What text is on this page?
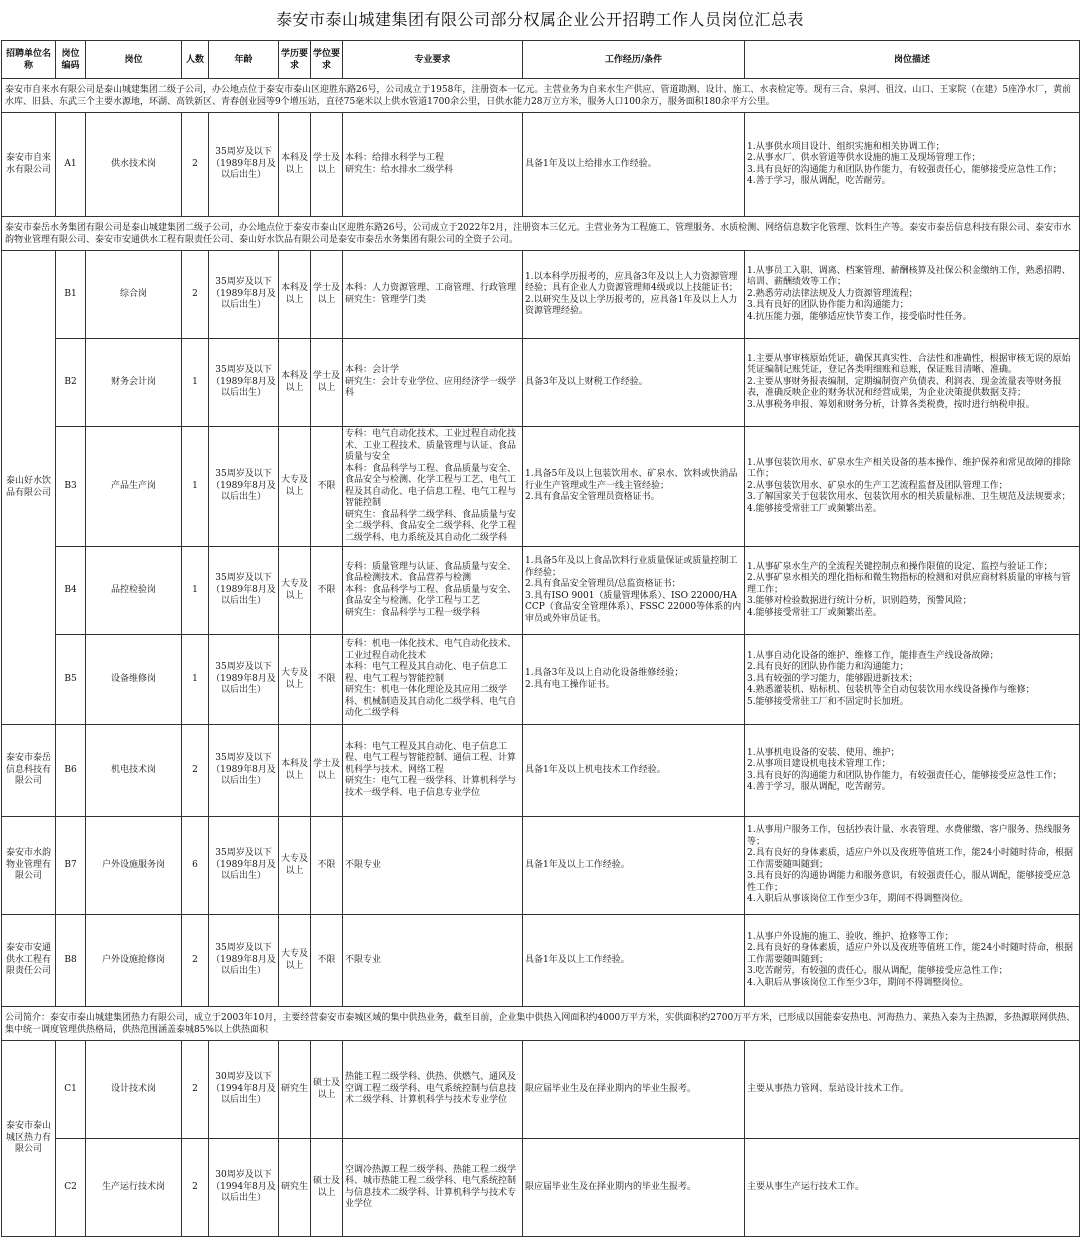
泰安市泰山城建集团有限公司部分权属企业公开招聘工作人员岗位汇总表
招聘单位名称	岗位编码	岗位	人数	年龄	学历要求	学位要求	专业要求	工作经历/条件	岗位描述
泰安市自来水有限公司是泰山城建集团二级子公司，办公地点位于泰安市泰山区迎胜东路26号，公司成立于1958年，注册资本一亿元。主营业务为自来水生产供应、管道勘测、设计、施工、水表检定等。现有三合、泉河、徂汶、山口、王家院（在建）5座净水厂，黄前水库、旧县、东武三个主要水源地，环湖、高铁新区、青春创业园等9个增压站，直径75毫米以上供水管道1700余公里，日供水能力28万立方米，服务人口100余万，服务面积180余平方公里。									
泰安市自来水有限公司	A1	供水技术岗	2	35周岁及以下（1989年8月及以后出生）	本科及以上	学士及以上	本科：给排水科学与工程
研究生：给水排水二级学科	具备1年及以上给排水工作经验。	1.从事供水项目设计、组织实施和相关协调工作；
2.从事水厂、供水管道等供水设施的施工及现场管理工作；
3.具有良好的沟通能力和团队协作能力，有较强责任心，能够接受应急性工作；
4.善于学习，服从调配，吃苦耐劳。
泰安市泰岳水务集团有限公司是泰山城建集团二级子公司，办公地点位于泰安市泰山区迎胜东路26号，公司成立于2022年2月，注册资本三亿元。主营业务为工程施工、管理服务、水质检测、网络信息数字化管理、饮料生产等。泰安市泰岳信息科技有限公司、泰安市水韵物业管理有限公司、泰安市安通供水工程有限责任公司、泰山好水饮品有限公司是泰安市泰岳水务集团有限公司的全资子公司。									
泰山好水饮品有限公司	B1	综合岗	2	35周岁及以下（1989年8月及以后出生）	本科及以上	学士及以上	本科：人力资源管理、工商管理、行政管理
研究生：管理学门类	1.以本科学历报考的，应具备3年及以上人力资源管理经验；具有企业人力资源管理师4级或以上技能证书；
2.以研究生及以上学历报考的，应具备1年及以上人力资源管理经验。	1.从事员工入职、调离、档案管理、薪酬核算及社保公积金缴纳工作，熟悉招聘、培训、薪酬绩效等工作；
2.熟悉劳动法律法规及人力资源管理流程；
3.具有良好的团队协作能力和沟通能力；
4.抗压能力强，能够适应快节奏工作，接受临时性任务。
	B2	财务会计岗	1	35周岁及以下（1989年8月及以后出生）	本科及以上	学士及以上	本科：会计学
研究生：会计专业学位、应用经济学一级学科	具备3年及以上财税工作经验。	1.主要从事审核原始凭证，确保其真实性、合法性和准确性，根据审核无误的原始凭证编制记账凭证，登记各类明细账和总账，保证账目清晰、准确。
2.主要从事财务报表编制，定期编制资产负债表、利润表、现金流量表等财务报表，准确反映企业的财务状况和经营成果，为企业决策提供数据支持；
3.从事税务申报、筹划和财务分析，计算各类税费，按时进行纳税申报。
	B3	产品生产岗	1	35周岁及以下（1989年8月及以后出生）	大专及以上	不限	专科：电气自动化技术、工业过程自动化技术、工业工程技术、质量管理与认证、食品质量与安全
本科：食品科学与工程、食品质量与安全、食品安全与检测、化学工程与工艺、电气工程及其自动化、电子信息工程、电气工程与智能控制
研究生：食品科学二级学科、食品质量与安全二级学科、食品安全二级学科、化学工程二级学科、电力系统及其自动化二级学科	1.具备5年及以上包装饮用水、矿泉水、饮料或快消品行业生产管理或生产一线主管经验；
2.具有食品安全管理员资格证书。	1.从事包装饮用水、矿泉水生产相关设备的基本操作、维护保养和常见故障的排除工作；
2.从事包装饮用水、矿泉水的生产工艺流程监督及团队管理工作；
3.了解国家关于包装饮用水、包装饮用水的相关质量标准、卫生规范及法规要求；
4.能够接受常驻工厂或频繁出差。
	B4	品控检验岗	1	35周岁及以下（1989年8月及以后出生）	大专及以上	不限	专科：质量管理与认证、食品质量与安全、食品检测技术、食品营养与检测
本科：食品科学与工程、食品质量与安全、食品安全与检测、化学工程与工艺
研究生：食品科学与工程一级学科	1.具备5年及以上食品饮料行业质量保证或质量控制工作经验；
2.具有食品安全管理员/总监资格证书；
3.具有ISO 9001（质量管理体系）、ISO 22000/HACCP（食品安全管理体系）、FSSC 22000等体系的内审员或外审员证书。	1.从事矿泉水生产的全流程关键控制点和操作限值的设定、监控与验证工作；
2.从事矿泉水相关的理化指标和微生物指标的检测和对供应商材料质量的审核与管理工作；
3.能够对检验数据进行统计分析，识别趋势，预警风险；
4.能够接受常驻工厂或频繁出差。
	B5	设备维修岗	1	35周岁及以下（1989年8月及以后出生）	大专及以上	不限	专科：机电一体化技术、电气自动化技术、工业过程自动化技术
本科：电气工程及其自动化、电子信息工程、电气工程与智能控制
研究生：机电一体化理论及其应用二级学科、机械制造及其自动化二级学科、电气自动化二级学科	1.具备3年及以上自动化设备维修经验；
2.具有电工操作证书。	1.从事自动化设备的维护、维修工作，能排查生产线设备故障；
2.具有良好的团队协作能力和沟通能力；
3.具有较强的学习能力，能够跟进新技术；
4.熟悉灌装机、贴标机、包装机等全自动包装饮用水线设备操作与维修；
5.能够接受常驻工厂和不固定时长加班。
泰安市泰岳信息科技有限公司	B6	机电技术岗	2	35周岁及以下（1989年8月及以后出生）	本科及以上	学士及以上	本科：电气工程及其自动化、电子信息工程、电气工程与智能控制、通信工程、计算机科学与技术、网络工程
研究生：电气工程一级学科、计算机科学与技术一级学科、电子信息专业学位	具备1年及以上机电技术工作经验。	1.从事机电设备的安装、使用、维护；
2.从事项目建设机电技术管理工作；
3.具有良好的沟通能力和团队协作能力，有较强责任心，能够接受应急性工作；
4.善于学习，服从调配，吃苦耐劳。
泰安市水韵物业管理有限公司	B7	户外设施服务岗	6	35周岁及以下（1989年8月及以后出生）	大专及以上	不限	不限专业	具备1年及以上工作经验。	1.从事用户服务工作，包括抄表计量、水表管理、水费催缴、客户服务、热线服务等；
2.具有良好的身体素质，适应户外以及夜班等值班工作，能24小时随时待命，根据工作需要随叫随到；
3.具有良好的沟通协调能力和服务意识，有较强责任心，服从调配，能够接受应急性工作；
4.入职后从事该岗位工作至少3年，期间不得调整岗位。
泰安市安通供水工程有限责任公司	B8	户外设施抢修岗	2	35周岁及以下（1989年8月及以后出生）	大专及以上	不限	不限专业	具备1年及以上工作经验。	1.从事户外设施的施工、验收、维护、抢修等工作；
2.具有良好的身体素质，适应户外以及夜班等值班工作，能24小时随时待命，根据工作需要随叫随到；
3.吃苦耐劳，有较强的责任心，服从调配，能够接受应急性工作；
4.入职后从事该岗位工作至少3年，期间不得调整岗位。
公司简介：泰安市泰山城建集团热力有限公司，成立于2003年10月，主要经营泰安市泰城区域的集中供热业务，截至目前，企业集中供热入网面积约4000万平方米，实供面积约2700万平方米，已形成以国能泰安热电、河海热力、莱热入泰为主热源，多热源联网供热、集中统一调度管理供热格局，供热范围涵盖泰城85%以上供热面积									
泰安市泰山城区热力有限公司	C1	设计技术岗	2	30周岁及以下（1994年8月及以后出生）	研究生	硕士及以上	热能工程二级学科、供热、供燃气、通风及空调工程二级学科、电气系统控制与信息技术二级学科、计算机科学与技术专业学位	限应届毕业生及在择业期内的毕业生报考。	主要从事热力管网、泵站设计技术工作。
	C2	生产运行技术岗	2	30周岁及以下（1994年8月及以后出生）	研究生	硕士及以上	空调冷热源工程二级学科、热能工程二级学科、城市热能工程二级学科、电气系统控制与信息技术二级学科、计算机科学与技术专业学位	限应届毕业生及在择业期内的毕业生报考。	主要从事生产运行技术工作。
